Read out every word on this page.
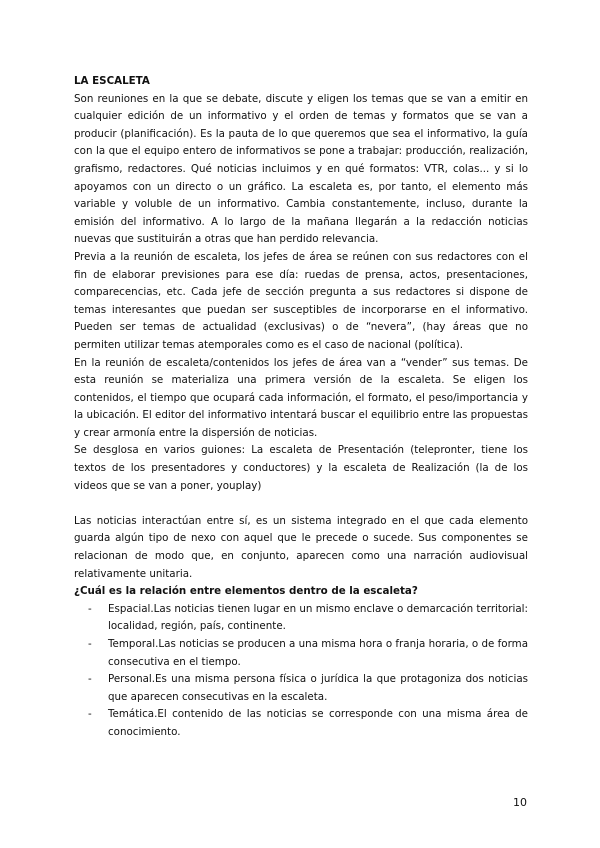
LA ESCALETA

Son reuniones en la que se debate, discute y eligen los temas que se van a emitir en cualquier edición de un informativo y el orden de temas y formatos que se van a producir (planificación). Es la pauta de lo que queremos que sea el informativo, la guía con la que el equipo entero de informativos se pone a trabajar: producción, realización, grafismo, redactores. Qué noticias incluimos y en qué formatos: VTR, colas... y si lo apoyamos con un directo o un gráfico. La escaleta es, por tanto, el elemento más variable y voluble de un informativo. Cambia constantemente, incluso, durante la emisión del informativo. A lo largo de la mañana llegarán a la redacción noticias nuevas que sustituirán a otras que han perdido relevancia.

Previa a la reunión de escaleta, los jefes de área se reúnen con sus redactores con el fin de elaborar previsiones para ese día: ruedas de prensa, actos, presentaciones, comparecencias, etc. Cada jefe de sección pregunta a sus redactores si dispone de temas interesantes que puedan ser susceptibles de incorporarse en el informativo. Pueden ser temas de actualidad (exclusivas) o de “nevera”, (hay áreas que no permiten utilizar temas atemporales como es el caso de nacional (política).

En la reunión de escaleta/contenidos los jefes de área van a “vender” sus temas. De esta reunión se materializa una primera versión de la escaleta. Se eligen los contenidos, el tiempo que ocupará cada información, el formato, el peso/importancia y la ubicación. El editor del informativo intentará buscar el equilibrio entre las propuestas y crear armonía entre la dispersión de noticias.

Se desglosa en varios guiones: La escaleta de Presentación (telepronter, tiene los textos de los presentadores y conductores) y la escaleta de Realización (la de los videos que se van a poner, youplay)

Las noticias interactúan entre sí, es un sistema integrado en el que cada elemento guarda algún tipo de nexo con aquel que le precede o sucede. Sus componentes se relacionan de modo que, en conjunto, aparecen como una narración audiovisual relativamente unitaria.

¿Cuál es la relación entre elementos dentro de la escaleta?

- Espacial.Las noticias tienen lugar en un mismo enclave o demarcación territorial: localidad, región, país, continente.
- Temporal.Las noticias se producen a una misma hora o franja horaria, o de forma consecutiva en el tiempo.
- Personal.Es una misma persona física o jurídica la que protagoniza dos noticias que aparecen consecutivas en la escaleta.
- Temática.El contenido de las noticias se corresponde con una misma área de conocimiento.
10
